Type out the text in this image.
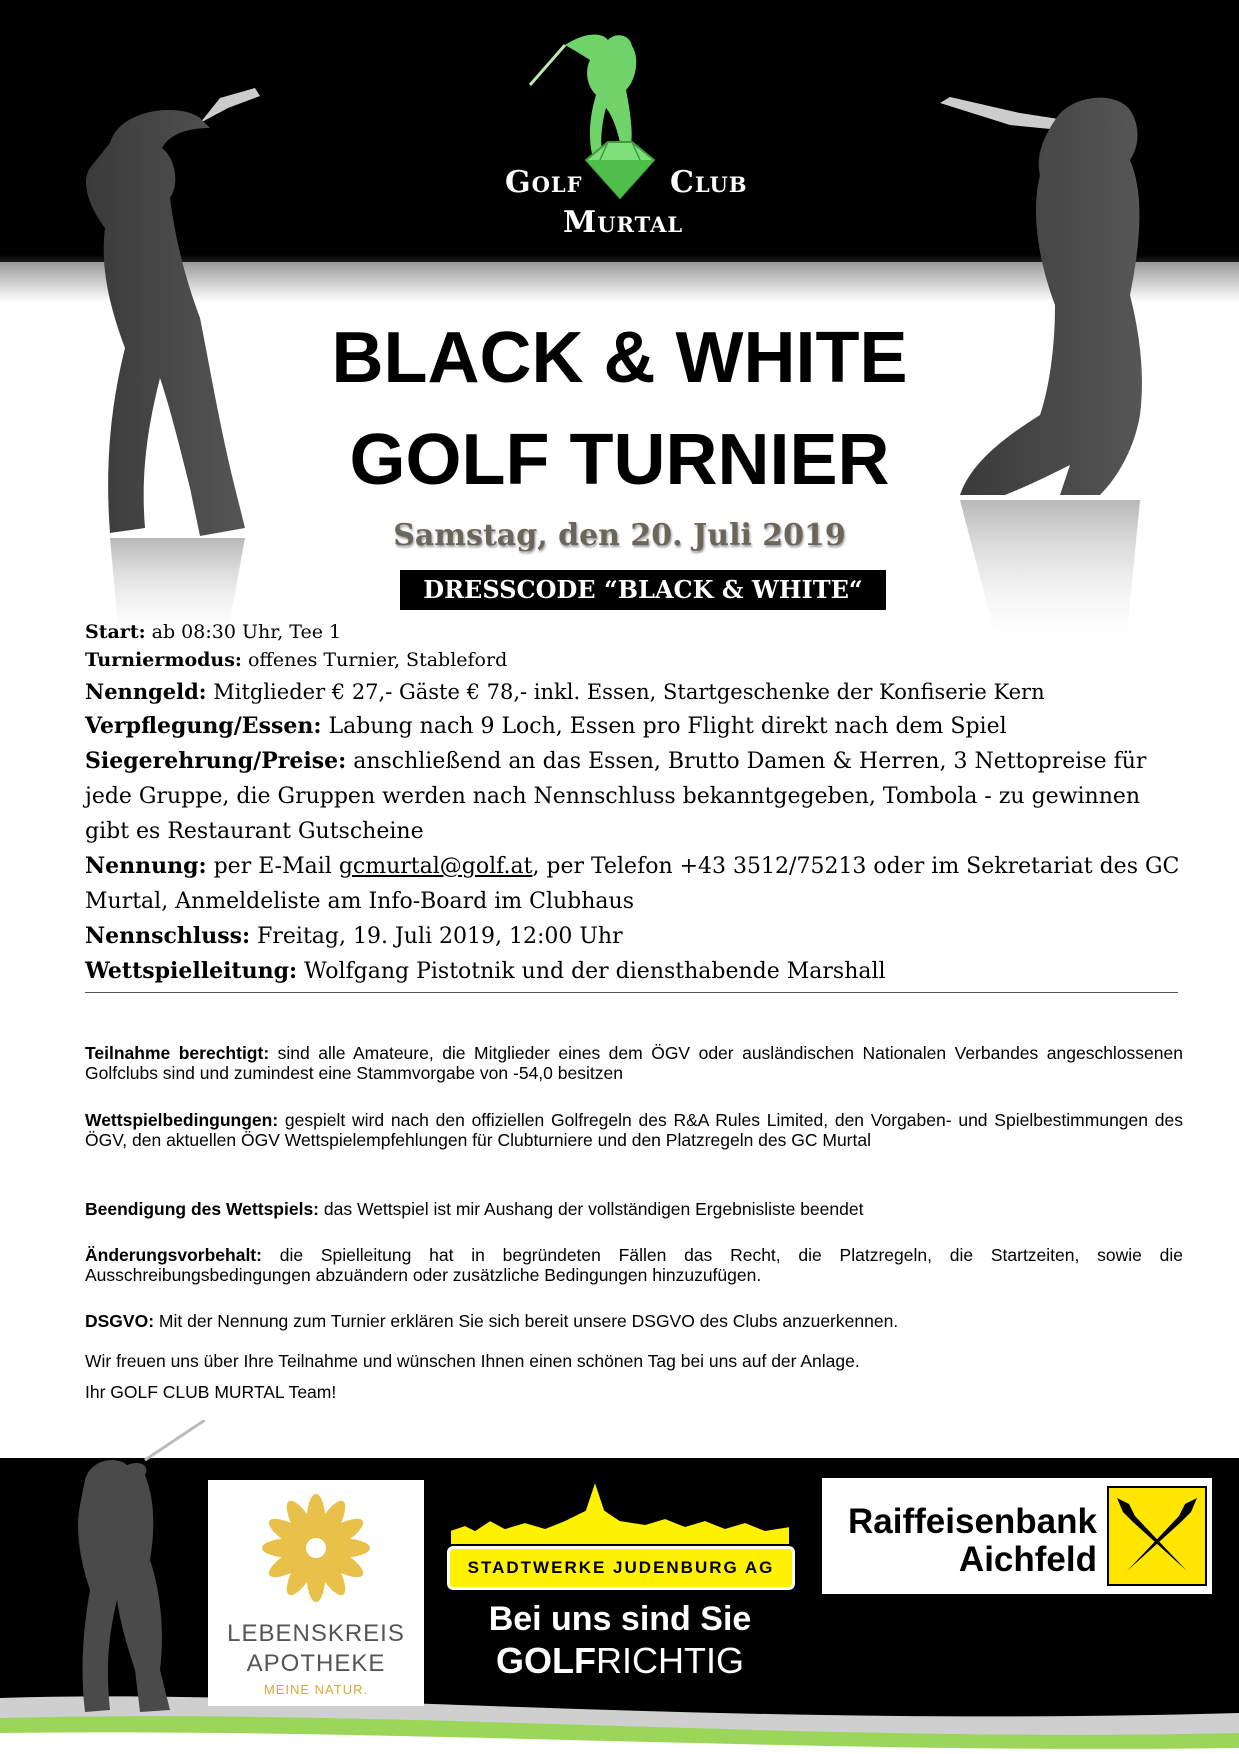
Golf	Club
Murtal
BLACK & WHITE
GOLF TURNIER
Samstag, den 20. Juli 2019
DRESSCODE “BLACK & WHITE“
Start: ab 08:30 Uhr, Tee 1
Turniermodus: offenes Turnier, Stableford
Nenngeld: Mitglieder € 27,- Gäste € 78,- inkl. Essen, Startgeschenke der Konfiserie Kern
Verpflegung/Essen: Labung nach 9 Loch, Essen pro Flight direkt nach dem Spiel
Siegerehrung/Preise: anschließend an das Essen, Brutto Damen & Herren, 3 Nettopreise für jede Gruppe, die Gruppen werden nach Nennschluss bekanntgegeben, Tombola - zu gewinnen gibt es Restaurant Gutscheine
Nennung: per E-Mail gcmurtal@golf.at, per Telefon +43 3512/75213 oder im Sekretariat des GC Murtal, Anmeldeliste am Info-Board im Clubhaus
Nennschluss: Freitag, 19. Juli 2019, 12:00 Uhr
Wettspielleitung: Wolfgang Pistotnik und der diensthabende Marshall
Teilnahme berechtigt: sind alle Amateure, die Mitglieder eines dem ÖGV oder ausländischen Nationalen Verbandes angeschlossenen Golfclubs sind und zumindest eine Stammvorgabe von -54,0 besitzen
Wettspielbedingungen: gespielt wird nach den offiziellen Golfregeln des R&A Rules Limited, den Vorgaben- und Spielbestimmungen des ÖGV, den aktuellen ÖGV Wettspielempfehlungen für Clubturniere und den Platzregeln des GC Murtal
Beendigung des Wettspiels: das Wettspiel ist mir Aushang der vollständigen Ergebnisliste beendet
Änderungsvorbehalt: die Spielleitung hat in begründeten Fällen das Recht, die Platzregeln, die Startzeiten, sowie die Ausschreibungsbedingungen abzuändern oder zusätzliche Bedingungen hinzuzufügen.
DSGVO: Mit der Nennung zum Turnier erklären Sie sich bereit unsere DSGVO des Clubs anzuerkennen.
Wir freuen uns über Ihre Teilnahme und wünschen Ihnen einen schönen Tag bei uns auf der Anlage.
Ihr GOLF CLUB MURTAL Team!
LEBENSKREIS
APOTHEKE
MEINE NATUR.
STADTWERKE JUDENBURG AG
Bei uns sind Sie
GOLFRICHTIG
Raiffeisenbank
Aichfeld
